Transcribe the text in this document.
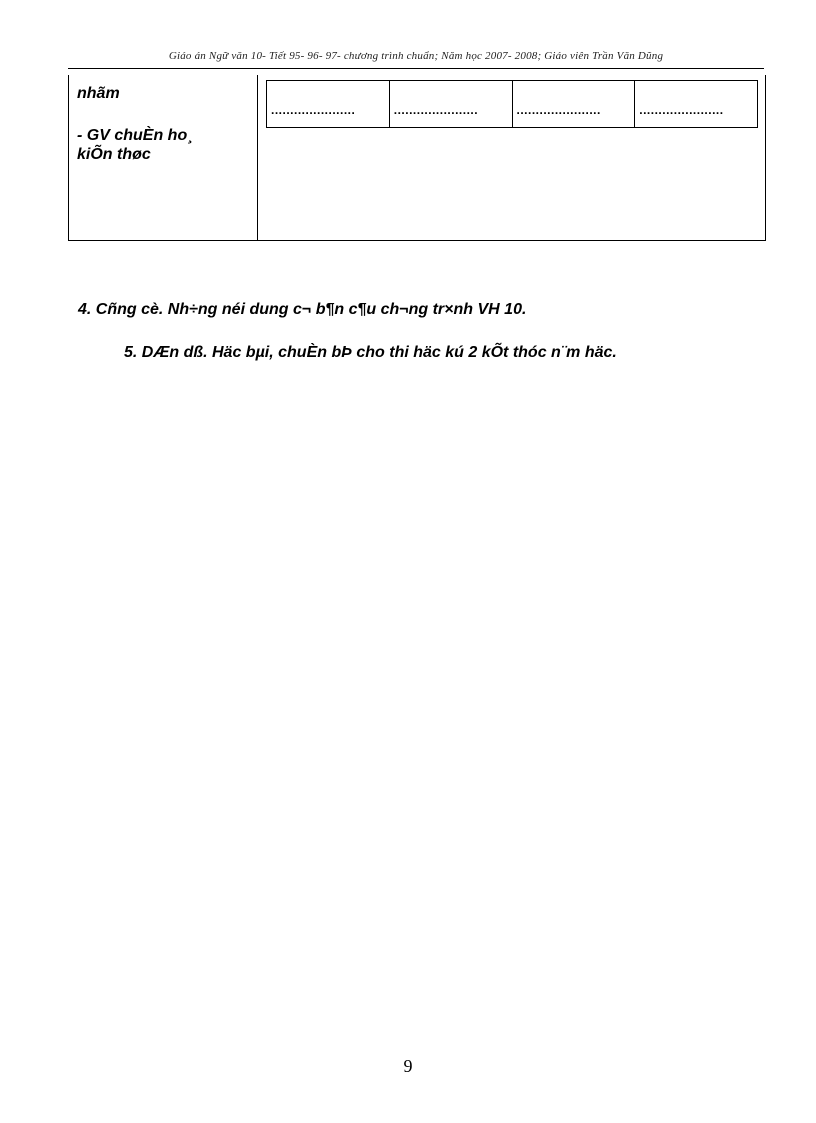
Giáo án Ngữ văn 10- Tiết 95- 96- 97- chương trình chuẩn; Năm học 2007- 2008; Giáo viên Trần Văn Dũng
nhãm
- GV chuÈn ho¸
kiÕn thøc
......................	......................	......................	......................
4. Cñng cè. Nh÷ng néi dung c¬ b¶n c¶u ch¬ng tr×nh VH 10.
5. DÆn dß. Häc bµi, chuÈn bÞ cho thi häc kú 2 kÕt thóc n¨m häc.
9
